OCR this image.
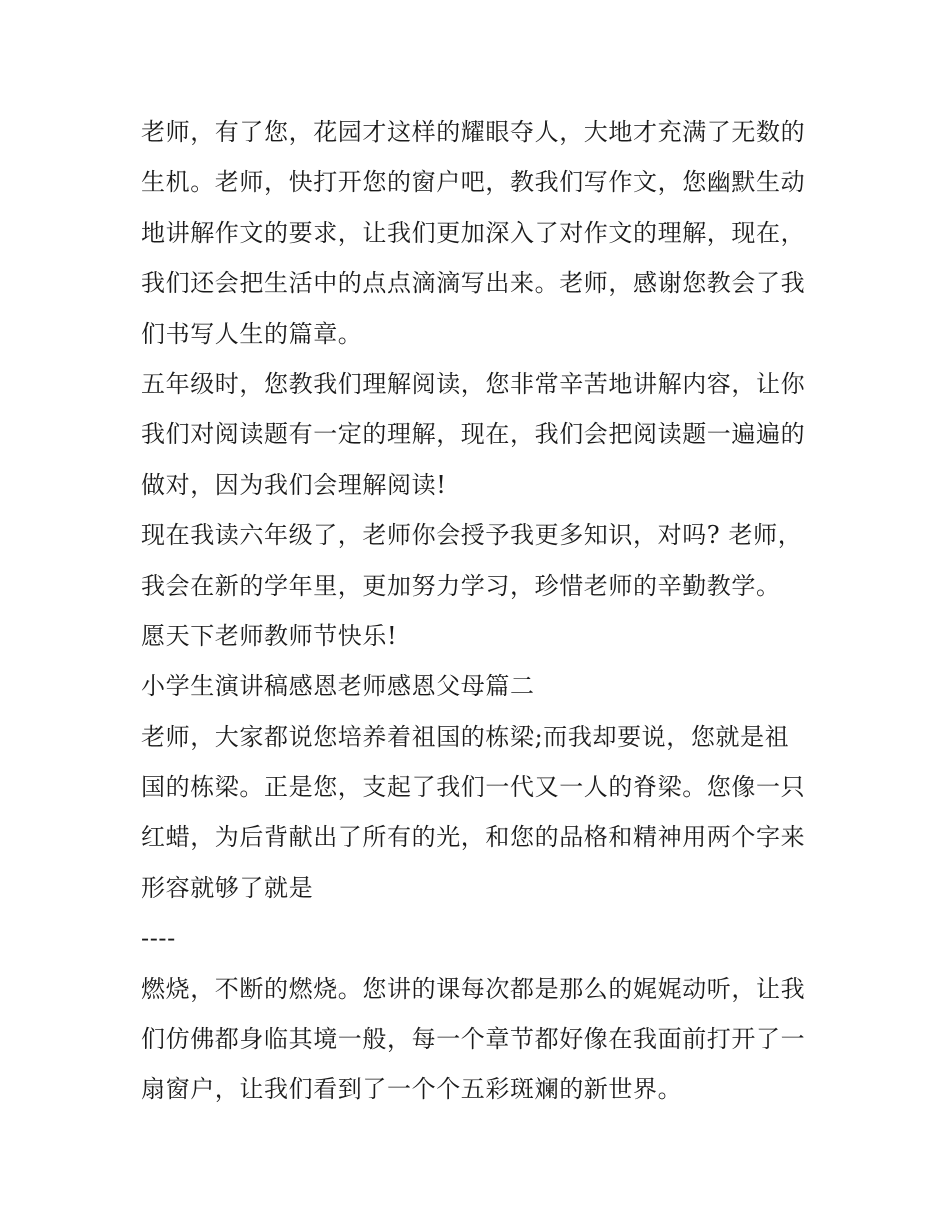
老师，有了您，花园才这样的耀眼夺人，大地才充满了无数的
生机。老师，快打开您的窗户吧，教我们写作文，您幽默生动
地讲解作文的要求，让我们更加深入了对作文的理解，现在，
我们还会把生活中的点点滴滴写出来。老师，感谢您教会了我
们书写人生的篇章。
五年级时，您教我们理解阅读，您非常辛苦地讲解内容，让你
我们对阅读题有一定的理解，现在，我们会把阅读题一遍遍的
做对，因为我们会理解阅读!
现在我读六年级了，老师你会授予我更多知识，对吗? 老师，
我会在新的学年里，更加努力学习，珍惜老师的辛勤教学。
愿天下老师教师节快乐!
小学生演讲稿感恩老师感恩父母篇二
老师，大家都说您培养着祖国的栋梁;而我却要说，您就是祖
国的栋梁。正是您，支起了我们一代又一人的脊梁。您像一只
红蜡，为后背献出了所有的光，和您的品格和精神用两个字来
形容就够了就是
----
燃烧，不断的燃烧。您讲的课每次都是那么的娓娓动听，让我
们仿佛都身临其境一般，每一个章节都好像在我面前打开了一
扇窗户，让我们看到了一个个五彩斑斓的新世界。
